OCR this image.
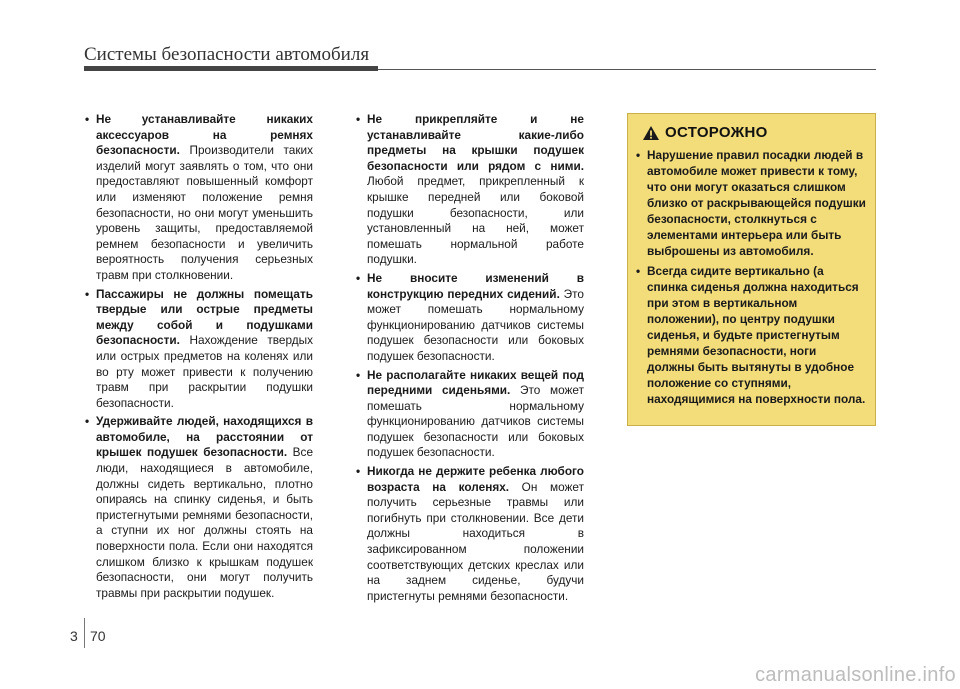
Системы безопасности автомобиля
• Не устанавливайте никаких аксессуаров на ремнях безопасности. Производители таких изделий могут заявлять о том, что они предоставляют повышенный комфорт или изменяют положение ремня безопасности, но они могут уменьшить уровень защиты, предоставляемой ремнем безопасности и увеличить вероятность получения серьезных травм при столкновении.
• Пассажиры не должны помещать твердые или острые предметы между собой и подушками безопасности. Нахождение твердых или острых предметов на коленях или во рту может привести к получению травм при раскрытии подушки безопасности.
• Удерживайте людей, находящихся в автомобиле, на расстоянии от крышек подушек безопасности. Все люди, находящиеся в автомобиле, должны сидеть вертикально, плотно опираясь на спинку сиденья, и быть пристегнутыми ремнями безопасности, а ступни их ног должны стоять на поверхности пола. Если они находятся слишком близко к крышкам подушек безопасности, они могут получить травмы при раскрытии подушек.
• Не прикрепляйте и не устанавливайте какие-либо предметы на крышки подушек безопасности или рядом с ними. Любой предмет, прикрепленный к крышке передней или боковой подушки безопасности, или установленный на ней, может помешать нормальной работе подушки.
• Не вносите изменений в конструкцию передних сидений. Это может помешать нормальному функционированию датчиков системы подушек безопасности или боковых подушек безопасности.
• Не располагайте никаких вещей под передними сиденьями. Это может помешать нормальному функционированию датчиков системы подушек безопасности или боковых подушек безопасности.
• Никогда не держите ребенка любого возраста на коленях. Он может получить серьезные травмы или погибнуть при столкновении. Все дети должны находиться в зафиксированном положении соответствующих детских креслах или на заднем сиденье, будучи пристегнуты ремнями безопасности.
ОСТОРОЖНО
• Нарушение правил посадки людей в автомобиле может привести к тому, что они могут оказаться слишком близко от раскрывающейся подушки безопасности, столкнуться с элементами интерьера или быть выброшены из автомобиля.
• Всегда сидите вертикально (а спинка сиденья должна находиться при этом в вертикальном положении), по центру подушки сиденья, и будьте пристегнутым ремнями безопасности, ноги должны быть вытянуты в удобное положение со ступнями, находящимися на поверхности пола.
3 70
carmanualsonline.info
